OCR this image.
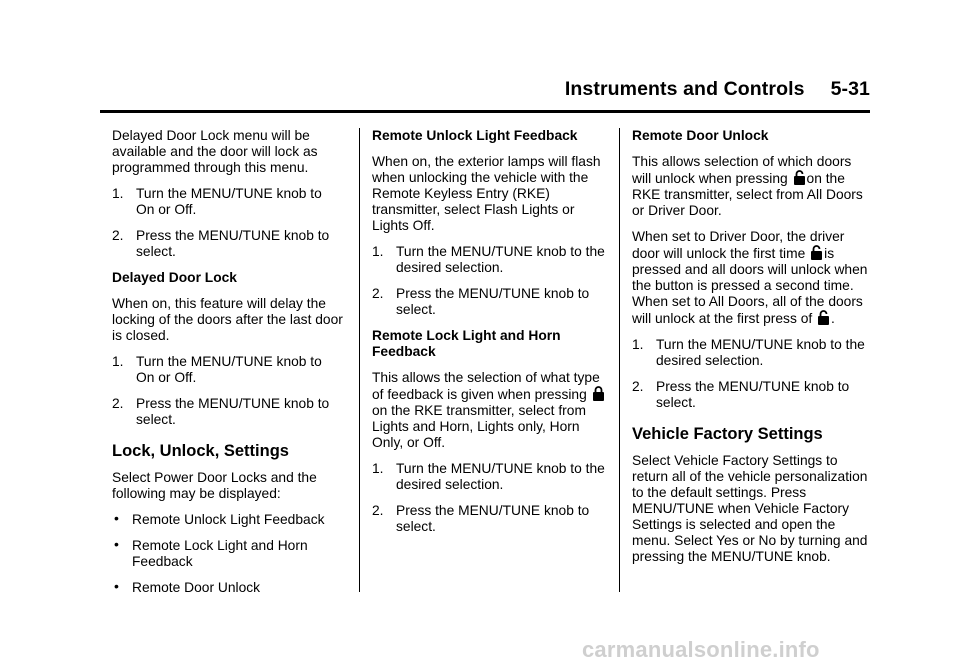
Instruments and Controls 5-31

Delayed Door Lock menu will be available and the door will lock as programmed through this menu.

1. Turn the MENU/TUNE knob to On or Off.
2. Press the MENU/TUNE knob to select.

Delayed Door Lock

When on, this feature will delay the locking of the doors after the last door is closed.

1. Turn the MENU/TUNE knob to On or Off.
2. Press the MENU/TUNE knob to select.
Lock, Unlock, Settings

Select Power Door Locks and the following may be displayed:

• Remote Unlock Light Feedback
• Remote Lock Light and Horn Feedback
• Remote Door Unlock

Remote Unlock Light Feedback

When on, the exterior lamps will flash when unlocking the vehicle with the Remote Keyless Entry (RKE) transmitter, select Flash Lights or Lights Off.

1. Turn the MENU/TUNE knob to the desired selection.
2. Press the MENU/TUNE knob to select.

Remote Lock Light and Horn Feedback

This allows the selection of what type of feedback is given when pressing on the RKE transmitter, select from Lights and Horn, Lights only, Horn Only, or Off.

1. Turn the MENU/TUNE knob to the desired selection.
2. Press the MENU/TUNE knob to select.

Remote Door Unlock

This allows selection of which doors will unlock when pressing on the RKE transmitter, select from All Doors or Driver Door.

When set to Driver Door, the driver door will unlock the first time is pressed and all doors will unlock when the button is pressed a second time. When set to All Doors, all of the doors will unlock at the first press of .

1. Turn the MENU/TUNE knob to the desired selection.
2. Press the MENU/TUNE knob to select.
Vehicle Factory Settings

Select Vehicle Factory Settings to return all of the vehicle personalization to the default settings. Press MENU/TUNE when Vehicle Factory Settings is selected and open the menu. Select Yes or No by turning and pressing the MENU/TUNE knob.

carmanualsonline.info
